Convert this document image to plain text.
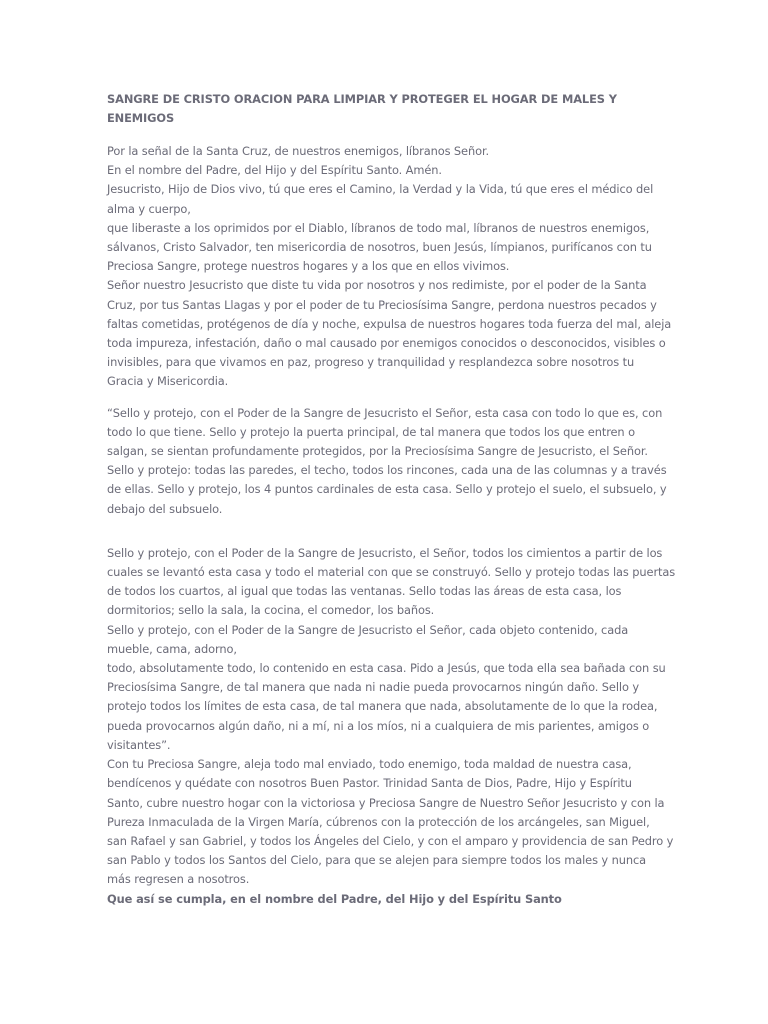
SANGRE DE CRISTO ORACION PARA LIMPIAR Y PROTEGER EL HOGAR DE MALES Y ENEMIGOS
Por la señal de la Santa Cruz, de nuestros enemigos, líbranos Señor.
En el nombre del Padre, del Hijo y del Espíritu Santo. Amén.
Jesucristo, Hijo de Dios vivo, tú que eres el Camino, la Verdad y la Vida, tú que eres el médico del
alma y cuerpo,
que liberaste a los oprimidos por el Diablo, líbranos de todo mal, líbranos de nuestros enemigos,
sálvanos, Cristo Salvador, ten misericordia de nosotros, buen Jesús, límpianos, purifícanos con tu
Preciosa Sangre, protege nuestros hogares y a los que en ellos vivimos.
Señor nuestro Jesucristo que diste tu vida por nosotros y nos redimiste, por el poder de la Santa
Cruz, por tus Santas Llagas y por el poder de tu Preciosísima Sangre, perdona nuestros pecados y
faltas cometidas, protégenos de día y noche, expulsa de nuestros hogares toda fuerza del mal, aleja
toda impureza, infestación, daño o mal causado por enemigos conocidos o desconocidos, visibles o
invisibles, para que vivamos en paz, progreso y tranquilidad y resplandezca sobre nosotros tu
Gracia y Misericordia.
“Sello y protejo, con el Poder de la Sangre de Jesucristo el Señor, esta casa con todo lo que es, con
todo lo que tiene. Sello y protejo la puerta principal, de tal manera que todos los que entren o
salgan, se sientan profundamente protegidos, por la Preciosísima Sangre de Jesucristo, el Señor.
Sello y protejo: todas las paredes, el techo, todos los rincones, cada una de las columnas y a través
de ellas. Sello y protejo, los 4 puntos cardinales de esta casa. Sello y protejo el suelo, el subsuelo, y
debajo del subsuelo.
Sello y protejo, con el Poder de la Sangre de Jesucristo, el Señor, todos los cimientos a partir de los
cuales se levantó esta casa y todo el material con que se construyó. Sello y protejo todas las puertas
de todos los cuartos, al igual que todas las ventanas. Sello todas las áreas de esta casa, los
dormitorios; sello la sala, la cocina, el comedor, los baños.
Sello y protejo, con el Poder de la Sangre de Jesucristo el Señor, cada objeto contenido, cada
mueble, cama, adorno,
todo, absolutamente todo, lo contenido en esta casa. Pido a Jesús, que toda ella sea bañada con su
Preciosísima Sangre, de tal manera que nada ni nadie pueda provocarnos ningún daño. Sello y
protejo todos los límites de esta casa, de tal manera que nada, absolutamente de lo que la rodea,
pueda provocarnos algún daño, ni a mí, ni a los míos, ni a cualquiera de mis parientes, amigos o
visitantes”.
Con tu Preciosa Sangre, aleja todo mal enviado, todo enemigo, toda maldad de nuestra casa,
bendícenos y quédate con nosotros Buen Pastor. Trinidad Santa de Dios, Padre, Hijo y Espíritu
Santo, cubre nuestro hogar con la victoriosa y Preciosa Sangre de Nuestro Señor Jesucristo y con la
Pureza Inmaculada de la Virgen María, cúbrenos con la protección de los arcángeles, san Miguel,
san Rafael y san Gabriel, y todos los Ángeles del Cielo, y con el amparo y providencia de san Pedro y
san Pablo y todos los Santos del Cielo, para que se alejen para siempre todos los males y nunca
más regresen a nosotros.
Que así se cumpla, en el nombre del Padre, del Hijo y del Espíritu Santo
